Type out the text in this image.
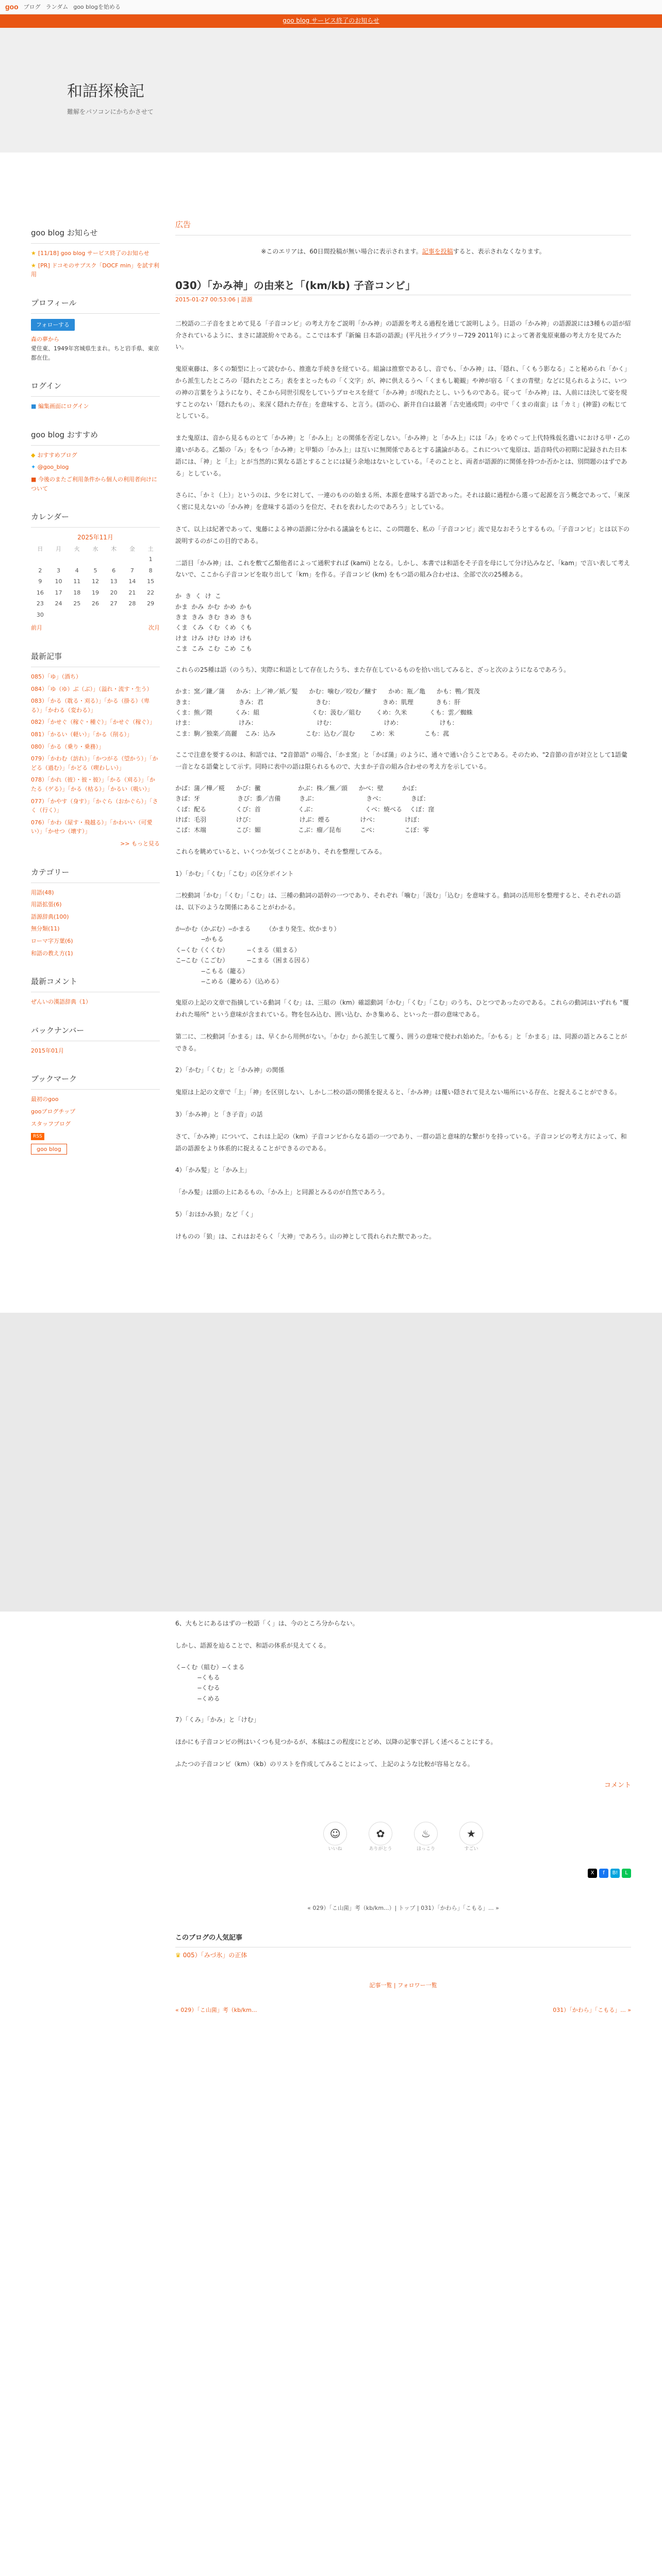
goo ブログ ランダム goo blogを始める
goo blog サービス終了のお知らせ
和語探検記

難解をパソコンにかちかさせて

goo blog お知らせ
★ [11/18] goo blog サービス終了のお知らせ
★ [PR] ドコモのサブスク「DOCF min」を試す利用
プロフィール
フォローする
森の夢から
愛住東、1949年宮城県生まれ。ちと岩手県、東京都在住。
ログイン
■ 編集画面にログイン
goo blog おすすめ
◆ おすすめブログ
✦ @goo_blog
■ 今後のまたご利用条件から個人の利用者向けについて
カレンダー
2025年11月
日	月	火	水	木	金	土
						1
2	3	4	5	6	7	8
9	10	11	12	13	14	15
16	17	18	19	20	21	22
23	24	25	26	27	28	29
30						
前月	次月
最新記事
085）「ゆ」（酒ち）
084）「ゆ（ゆ）ぶ（ぶ）」（溢れ・流す・生う）
083）「かる（耽る・刈る）」「かる（掛る）（卑る）」「かわる（変わる）」
082）「かせぐ（稼ぐ・種ぐ）」「かせぐ（稼ぐ）」
081）「かるい（軽い）」「かる（削る）」
080）「かる（乗り・乗務）」
079）「かわむ（訪れ）」「かつがる（望かう）」「かどる（過む）」「かどる（喫わしい）」
078）「かれ（彼）・彼・彼）」「かる（刈る）」「かたる（ゲる）」「かる（枯る）」「かるい（吸い）」
077）「かやす（身す）」「かぐら（おかぐら）」「さく（行く）」
076）「かわ（屋す・飛越る）」「かわいい（可愛い）」「かせつ（壊す）」
>> もっと見る
カテゴリー
用語(48)
用語拡張(6)
語源辞典(100)
無分類(11)
ローマ字万葉(6)
和語の教え方(1)
最新コメント
ぜんいの漢語辞典（1）
バックナンバー
2015年01月
ブックマーク
最初のgoo
gooブログチップ
スタッフブログ
RSS
goo blog
広告
※このエリアは、60日間投稿が無い場合に表示されます。記事を投稿すると、表示されなくなります。
030）「かみ神」の由来と「(km/kb) 子音コンビ」
2015-01-27 00:53:06 | 語源

二校語の二子音をまとめて見る「子音コンビ」の考え方をご説明「かみ神」の語源を考える過程を通じて説明しよう。日語の「かみ神」の語源説には3種もの語が紹介されているように、まさに諸説紛々である。ここでは本ず『新編 日本語の語源』(平凡社ライブラリー729 2011年) によって著者鬼原東藤の考え方を見てみたい。

鬼原東藤は、多くの類型に上って読むから、推進な手続きを経ている。組論は推察であるし、音でも、「かみ神」は、「隠れ、「くもう影なる」こと秘められ「かく」から派生したところの「隠れたところ」表をまとったもの「く文字」が、神に供えるうへ「くまもし範観」や神が宿る「くまの青壁」などに見られるように、いつの神の言葉をうようになり、そこから同世引現をしていうプロセスを経て「かみ神」が現れたとし、いうものである。従って「かみ神」は、人前には決して姿を現すことのない「隠れたもの」、来深く隠れた存在」を意味する、と言う。(語の心、新井自白は最著「古史通或問」の中で「くまの南蛮」は「カミ」(神霊) の転じてとしている。

また鬼原は、音から見るものとて「かみ神」と「かみ上」との関係を否定しない。「かみ神」と「かみ上」には「み」をめぐって上代特殊仮名遣いにおける甲・乙の違いがある。乙類の「み」をもつ「かみ神」と甲類の「かみ上」は互いに無関係であるとする議論がある。これについて鬼原は、語音時代の初期に記録された日本語には、「神」と「上」とが当然的に異なる語とすることには疑う余地はないとしている。「そのことと、両者が語源的に関係を持つか否かとは、別問題のはずである」としている。

さらに、「かミ（上）」というのは、少をに対して、一連のものの始まる所、本源を意味する語であった。それは最に過程から選って起源を言う概念であって、「東深く密に見えないの「かみ神」を意味する語のうを位だ、それを表わしたのであろう」としている。

さて、以上は紀著であって、鬼藤による神の語源に分かれる議論をもとに、この問題を、私の「子音コンビ」流で見なおそうとするもの。「子音コンビ」とは以下の説明するのがこの目的である。

二語目「かみ神」は、これを敷て乙類他者によって通釈すれば (kami) となる。しかし、本書では和語をそ子音を母にして分け込みなど、「kam」で言い表して考えないで、ここから子音コンビを取り出して「km」を作る。子音コンビ (km) をもつ語の組み合わせは、全部で次の25種ある。

か き く け こ
かま かみ かむ かめ かも
きま きみ きむ きめ きも
くま くみ くむ くめ くも
けま けみ けむ けめ けも
こま こみ こむ こめ こも

これらの25種は語（のうち）、実際に和語として存在したうち、また存在しているものを拾い出してみると、ざっと次のようになるであろう。

かま：窯／鎌／蒲   かみ：上／神／紙／髪   かむ：噛む／咬む／醸す   かめ：瓶／亀   かも：鴨／賀茂
きま：            きみ：君              きむ：             きめ：肌理      きも：肝
くま：熊／隈      くみ：組              くむ：汲む／組む    くめ：久米      くも：雲／蜘蛛
けま：            けみ：                けむ：             けめ：          けも：
こま：駒／独楽／高麗  こみ：込み        こむ：込む／混む    こめ：米        こも：菰

ここで注意を要するのは、和語では、"2音節語" の場合、「かま窯」と「かば蒲」のように、通々で通い合うことである。そのため、"2音節の音が対立として1語彙一音となる語彙として示す。同時に表中の語は限られるもので、大まか子音の組み合わせの考え方を示している。

かば：蒲／樺／椛   かび：黴          かぶ：株／蕪／頭   かべ：壁     かぼ：
きば：牙          きび：黍／吉備     きぶ：             きべ：       きぼ：
くば：配る        くび：首          くぶ：             くべ：焼べる  くぼ：窪
けば：毛羽        けび：            けぶ：煙る        けべ：       けぼ：
こば：木端        こび：媚          こぶ：瘤／昆布     こべ：       こぼ：零

これらを眺めていると、いくつか気づくことがあり、それを整理してみる。

1）「かむ」「くむ」「こむ」の区分ポイント

二校動詞「かむ」「くむ」「こむ」は、三種の動詞の語幹の一つであり、それぞれ「噛む」「汲む」「込む」を意味する。動詞の活用形を整理すると、それぞれの語は、以下のような関係にあることがわかる。

か―かむ（かぶむ）―かまる    （かまり発生、炊かまり）
―かもる
く―くむ（くくむ）     ―くまる（組まる）
こ―こむ（こごむ）     ―こまる（困まる因る）
―こもる（籠る）
―こめる（籠める）（込める）

鬼原の上記の文章で指摘している動詞「くむ」は、三組の（km）確認動詞「かむ」「くむ」「こむ」のうち、ひとつであったのである。これらの動詞はいずれも "覆われた場所" という意味が含まれている。物を包み込む、囲い込む、かき集める、といった一群の意味である。

第二に、二校動詞「かまる」は、早くから用例がない。「かむ」から派生して覆う、囲うの意味で使われ始めた。「かもる」と「かまる」は、同源の語とみることができる。

2）「かむ」「くむ」と「かみ神」の関係

鬼原は上記の文章で「上」「神」を区別しない、しかし二校の語の関係を捉えると、「かみ神」は覆い隠されて見えない場所にいる存在、と捉えることができる。

3）「かみ神」と「き子音」の話

さて、「かみ神」について、これは上記の（km）子音コンビからなる語の一つであり、一群の語と意味的な繋がりを持っている。子音コンビの考え方によって、和語の語源をより体系的に捉えることができるのである。

4）「かみ髪」と「かみ上」

「かみ髪」は頭の上にあるもの、「かみ上」と同源とみるのが自然であろう。

5）「おほかみ狼」など「く」

けものの「狼」は、これはおそらく「大神」であろう。山の神として畏れられた獣であった。

6、大もとにあるはずの一校語「く」は、今のところ分からない。

しかし、語源を辿ることで、和語の体系が見えてくる。

く―くむ（組む）―くまる
―くもる
―くむる
―くめる

7）「くみ」「かみ」と「けむ」

ほかにも子音コンビの例はいくつも見つかるが、本稿はこの程度にとどめ、以降の記事で詳しく述べることにする。

ふたつの子音コンビ（km）（kb）のリストを作成してみることによって、上記のような比較が容易となる。

コメント
☺
いいね
✿
ありがとう
♨
ほっこり
★
すごい
X	f	B!	L
« 029）「こ山菌」考（kb/km...）| トップ | 031）「かわら」「こもる」... »
このブログの人気記事
♛ 005）「みづ氷」の正体
記事一覧 | フォロワー一覧
« 029）「こ山菌」考（kb/km...	031）「かわら」「こもる」... »
